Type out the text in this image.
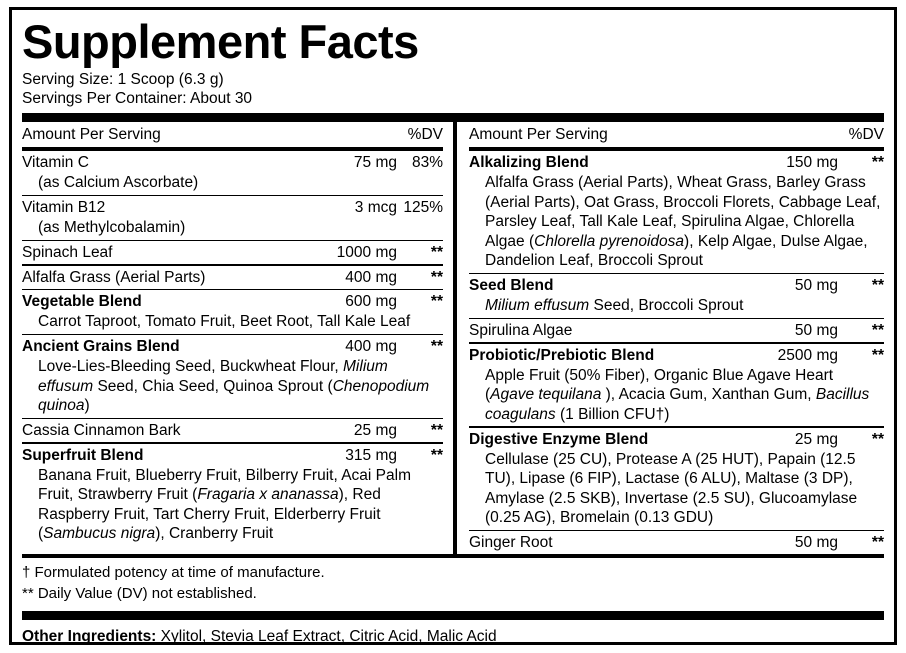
Supplement Facts
Serving Size: 1 Scoop (6.3 g)
Servings Per Container: About 30
Amount Per Serving	%DV
Vitamin C	75 mg 83%
(as Calcium Ascorbate)
Vitamin B12	3 mcg 125%
(as Methylcobalamin)
Spinach Leaf	1000 mg	**
Alfalfa Grass (Aerial Parts)	400 mg	**
Vegetable Blend	600 mg	**
Carrot Taproot, Tomato Fruit, Beet Root, Tall Kale Leaf
Ancient Grains Blend	400 mg	**
Love-Lies-Bleeding Seed, Buckwheat Flour, Milium effusum Seed, Chia Seed, Quinoa Sprout (Chenopodium quinoa)
Cassia Cinnamon Bark	25 mg	**
Superfruit Blend	315 mg	**
Banana Fruit, Blueberry Fruit, Bilberry Fruit, Acai Palm Fruit, Strawberry Fruit (Fragaria x ananassa), Red Raspberry Fruit, Tart Cherry Fruit, Elderberry Fruit (Sambucus nigra), Cranberry Fruit
Amount Per Serving	%DV
Alkalizing Blend	150 mg	**
Alfalfa Grass (Aerial Parts), Wheat Grass, Barley Grass (Aerial Parts), Oat Grass, Broccoli Florets, Cabbage Leaf, Parsley Leaf, Tall Kale Leaf, Spirulina Algae, Chlorella Algae (Chlorella pyrenoidosa), Kelp Algae, Dulse Algae, Dandelion Leaf, Broccoli Sprout
Seed Blend	50 mg	**
Milium effusum Seed, Broccoli Sprout
Spirulina Algae	50 mg	**
Probiotic/Prebiotic Blend	2500 mg	**
Apple Fruit (50% Fiber), Organic Blue Agave Heart (Agave tequilana ), Acacia Gum, Xanthan Gum, Bacillus coagulans (1 Billion CFU†)
Digestive Enzyme Blend	25 mg	**
Cellulase (25 CU), Protease A (25 HUT), Papain (12.5 TU), Lipase (6 FIP), Lactase (6 ALU), Maltase (3 DP), Amylase (2.5 SKB), Invertase (2.5 SU), Glucoamylase (0.25 AG), Bromelain (0.13 GDU)
Ginger Root	50 mg	**
† Formulated potency at time of manufacture.
** Daily Value (DV) not established.
Other Ingredients: Xylitol, Stevia Leaf Extract, Citric Acid, Malic Acid
